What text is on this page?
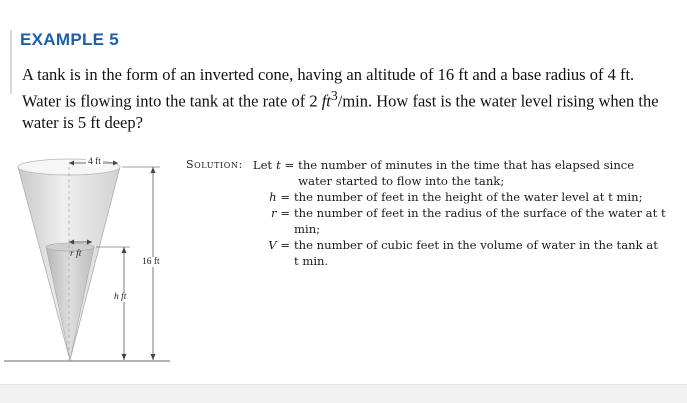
EXAMPLE 5

A tank is in the form of an inverted cone, having an altitude of 16 ft and a base radius of 4 ft. Water is flowing into the tank at the rate of 2 $ft^3/\min$. How fast is the water level rising when the water is 5 ft deep?

4 ft
r ft
16 ft
h ft
Solution: Let t = the number of minutes in the time that has elapsed since water started to flow into the tank;
h = the number of feet in the height of the water level at t min;
r = the number of feet in the radius of the surface of the water at t min;
V = the number of cubic feet in the volume of water in the tank at t min.
